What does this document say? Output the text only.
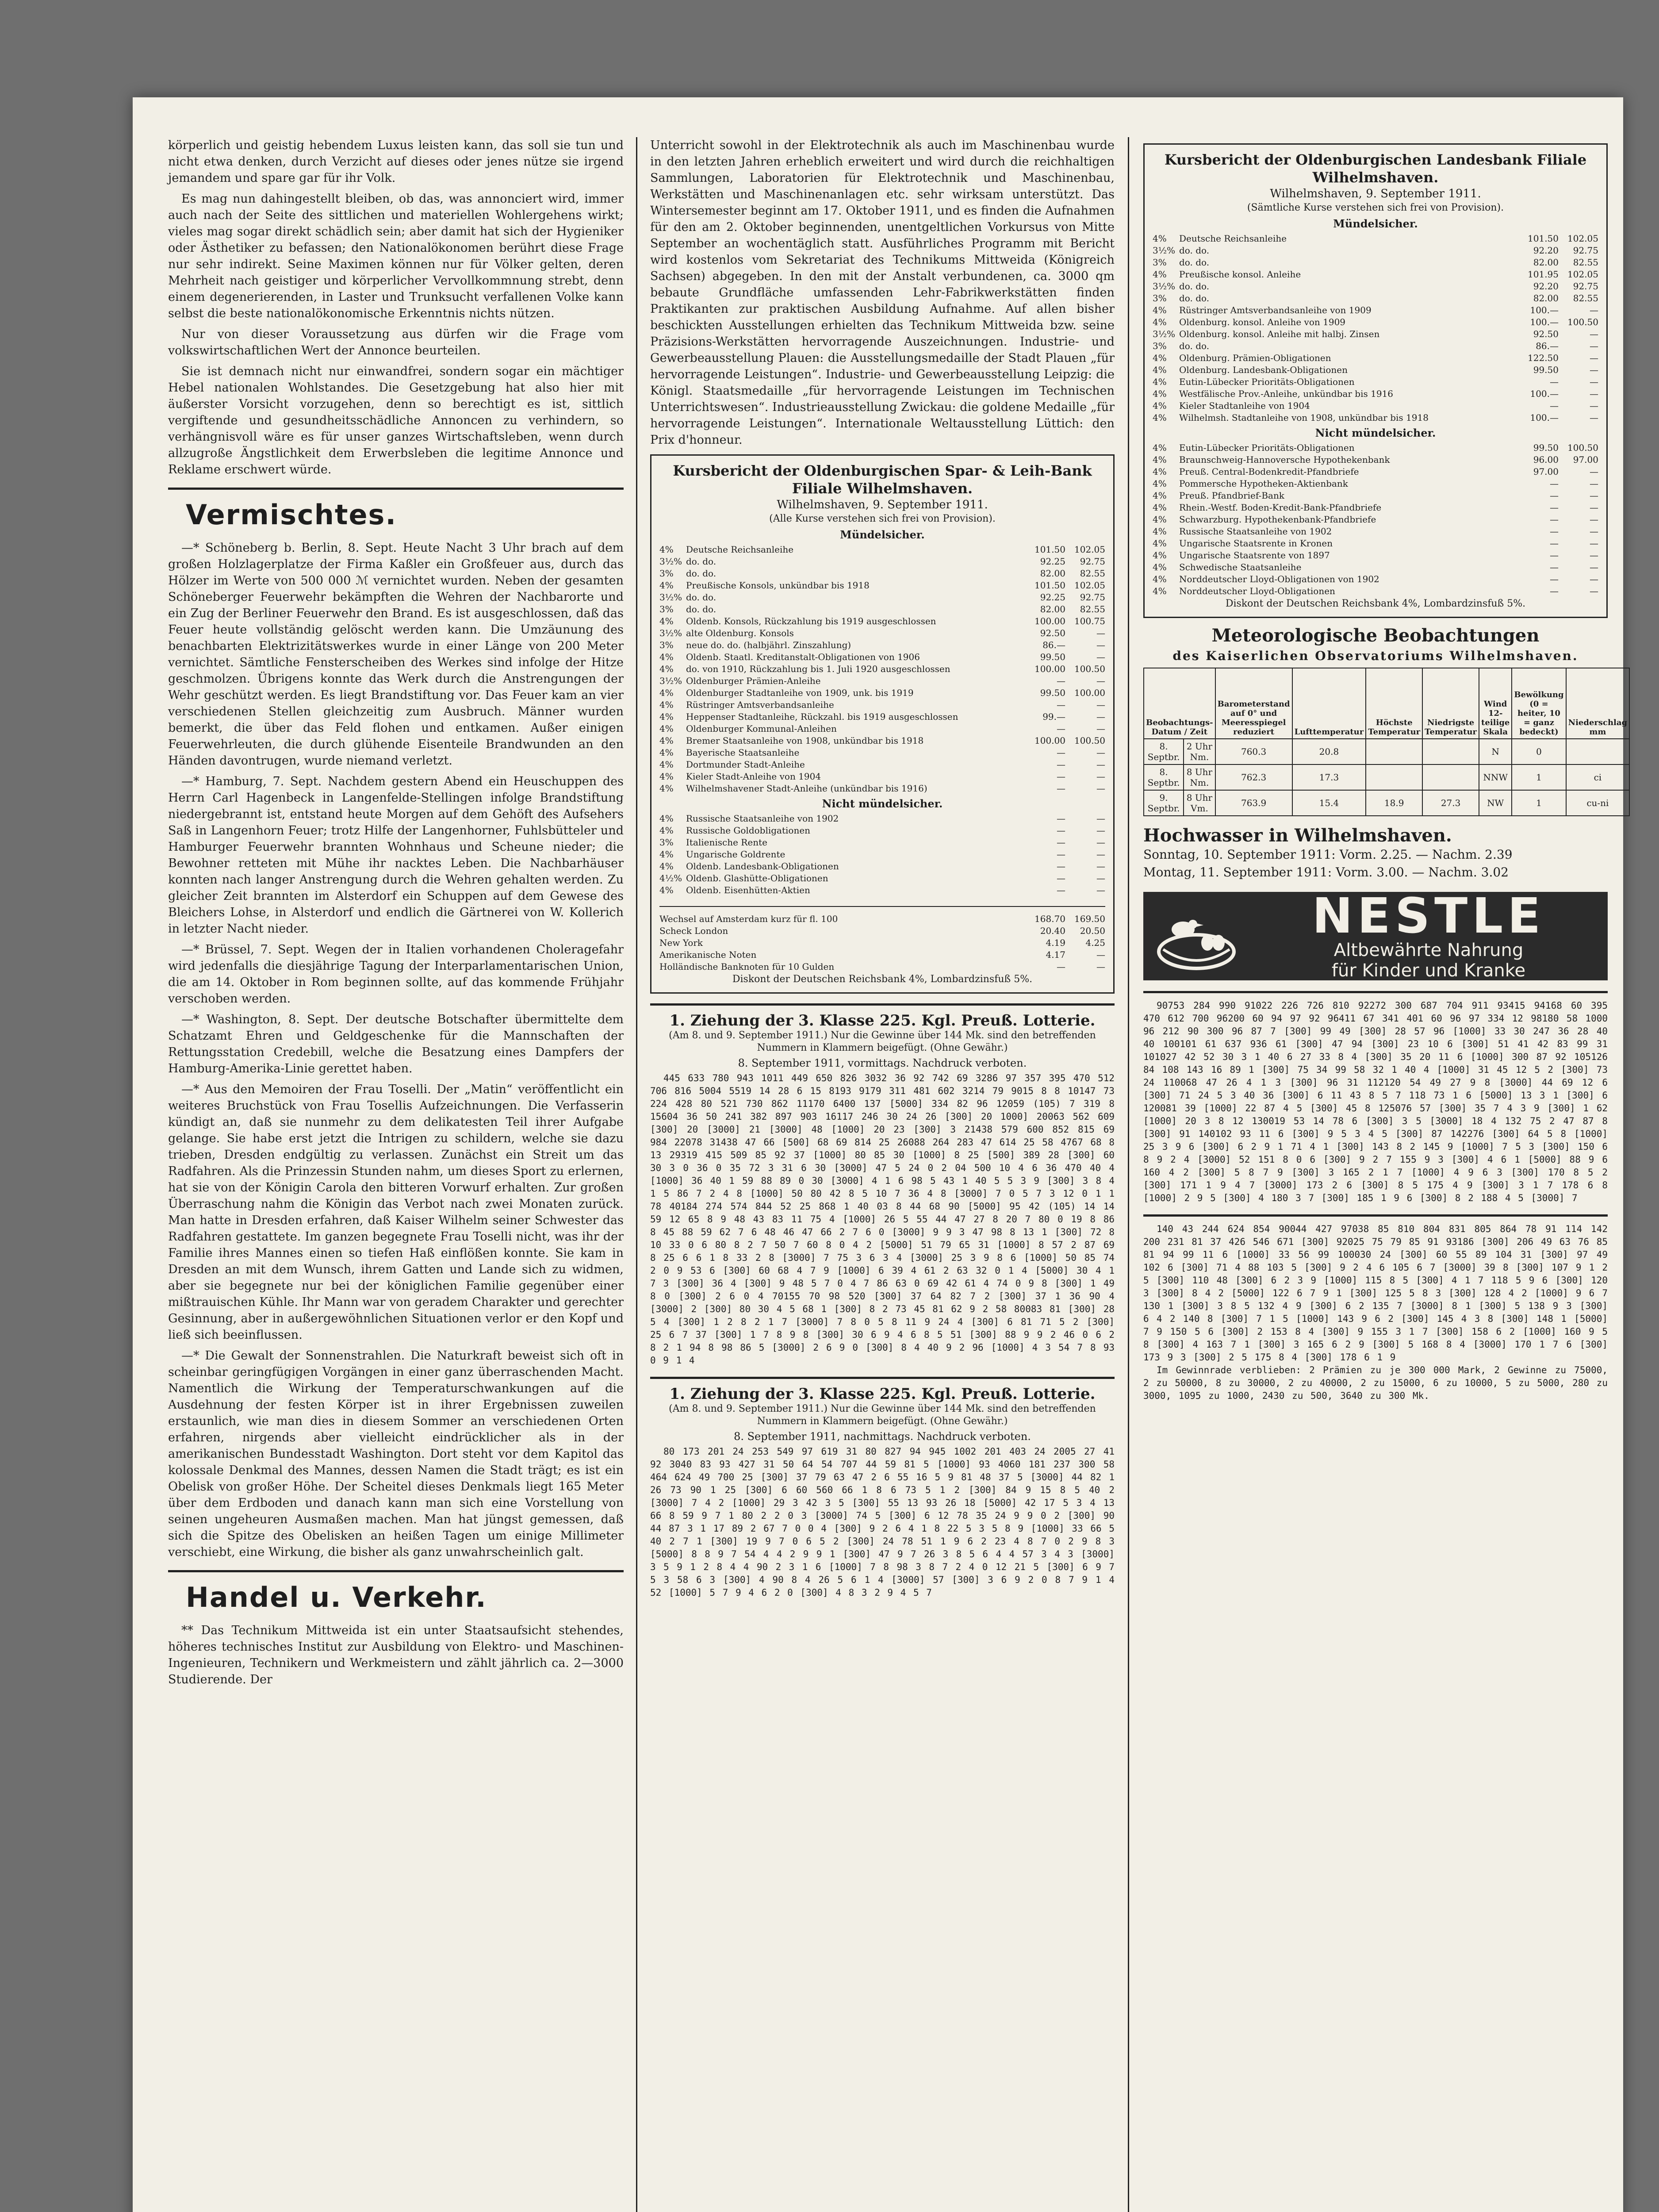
körperlich und geistig hebendem Luxus leisten kann, das soll sie tun und nicht etwa denken, durch Verzicht auf dieses oder jenes nütze sie irgend jemandem und spare gar für ihr Volk.

Es mag nun dahingestellt bleiben, ob das, was annonciert wird, immer auch nach der Seite des sittlichen und materiellen Wohlergehens wirkt; vieles mag sogar direkt schädlich sein; aber damit hat sich der Hygieniker oder Ästhetiker zu befassen; den Nationalökonomen berührt diese Frage nur sehr indirekt. Seine Maximen können nur für Völker gelten, deren Mehrheit nach geistiger und körperlicher Vervollkommnung strebt, denn einem degenerierenden, in Laster und Trunksucht verfallenen Volke kann selbst die beste nationalökonomische Erkenntnis nichts nützen.

Nur von dieser Voraussetzung aus dürfen wir die Frage vom volkswirtschaftlichen Wert der Annonce beurteilen.

Sie ist demnach nicht nur einwandfrei, sondern sogar ein mächtiger Hebel nationalen Wohlstandes. Die Gesetzgebung hat also hier mit äußerster Vorsicht vorzugehen, denn so berechtigt es ist, sittlich vergiftende und gesundheitsschädliche Annoncen zu verhindern, so verhängnisvoll wäre es für unser ganzes Wirtschaftsleben, wenn durch allzugroße Ängstlichkeit dem Erwerbsleben die legitime Annonce und Reklame erschwert würde.

Vermischtes.

—* Schöneberg b. Berlin, 8. Sept. Heute Nacht 3 Uhr brach auf dem großen Holzlagerplatze der Firma Kaßler ein Großfeuer aus, durch das Hölzer im Werte von 500 000 ℳ vernichtet wurden. Neben der gesamten Schöneberger Feuerwehr bekämpften die Wehren der Nachbarorte und ein Zug der Berliner Feuerwehr den Brand. Es ist ausgeschlossen, daß das Feuer heute vollständig gelöscht werden kann. Die Umzäunung des benachbarten Elektrizitätswerkes wurde in einer Länge von 200 Meter vernichtet. Sämtliche Fensterscheiben des Werkes sind infolge der Hitze geschmolzen. Übrigens konnte das Werk durch die Anstrengungen der Wehr geschützt werden. Es liegt Brandstiftung vor. Das Feuer kam an vier verschiedenen Stellen gleichzeitig zum Ausbruch. Männer wurden bemerkt, die über das Feld flohen und entkamen. Außer einigen Feuerwehrleuten, die durch glühende Eisenteile Brandwunden an den Händen davontrugen, wurde niemand verletzt.

—* Hamburg, 7. Sept. Nachdem gestern Abend ein Heuschuppen des Herrn Carl Hagenbeck in Langenfelde-Stellingen infolge Brandstiftung niedergebrannt ist, entstand heute Morgen auf dem Gehöft des Aufsehers Saß in Langenhorn Feuer; trotz Hilfe der Langenhorner, Fuhlsbütteler und Hamburger Feuerwehr brannten Wohnhaus und Scheune nieder; die Bewohner retteten mit Mühe ihr nacktes Leben. Die Nachbarhäuser konnten nach langer Anstrengung durch die Wehren gehalten werden. Zu gleicher Zeit brannten im Alsterdorf ein Schuppen auf dem Gewese des Bleichers Lohse, in Alsterdorf und endlich die Gärtnerei von W. Kollerich in letzter Nacht nieder.

—* Brüssel, 7. Sept. Wegen der in Italien vorhandenen Choleragefahr wird jedenfalls die diesjährige Tagung der Interparlamentarischen Union, die am 14. Oktober in Rom beginnen sollte, auf das kommende Frühjahr verschoben werden.

—* Washington, 8. Sept. Der deutsche Botschafter übermittelte dem Schatzamt Ehren und Geldgeschenke für die Mannschaften der Rettungsstation Credebill, welche die Besatzung eines Dampfers der Hamburg-Amerika-Linie gerettet haben.

—* Aus den Memoiren der Frau Toselli. Der „Matin“ veröffentlicht ein weiteres Bruchstück von Frau Tosellis Aufzeichnungen. Die Verfasserin kündigt an, daß sie nunmehr zu dem delikatesten Teil ihrer Aufgabe gelange. Sie habe erst jetzt die Intrigen zu schildern, welche sie dazu trieben, Dresden endgültig zu verlassen. Zunächst ein Streit um das Radfahren. Als die Prinzessin Stunden nahm, um dieses Sport zu erlernen, hat sie von der Königin Carola den bitteren Vorwurf erhalten. Zur großen Überraschung nahm die Königin das Verbot nach zwei Monaten zurück. Man hatte in Dresden erfahren, daß Kaiser Wilhelm seiner Schwester das Radfahren gestattete. Im ganzen begegnete Frau Toselli nicht, was ihr der Familie ihres Mannes einen so tiefen Haß einflößen konnte. Sie kam in Dresden an mit dem Wunsch, ihrem Gatten und Lande sich zu widmen, aber sie begegnete nur bei der königlichen Familie gegenüber einer mißtrauischen Kühle. Ihr Mann war von geradem Charakter und gerechter Gesinnung, aber in außergewöhnlichen Situationen verlor er den Kopf und ließ sich beeinflussen.

—* Die Gewalt der Sonnenstrahlen. Die Naturkraft beweist sich oft in scheinbar geringfügigen Vorgängen in einer ganz überraschenden Macht. Namentlich die Wirkung der Temperaturschwankungen auf die Ausdehnung der festen Körper ist in ihrer Ergebnissen zuweilen erstaunlich, wie man dies in diesem Sommer an verschiedenen Orten erfahren, nirgends aber vielleicht eindrücklicher als in der amerikanischen Bundesstadt Washington. Dort steht vor dem Kapitol das kolossale Denkmal des Mannes, dessen Namen die Stadt trägt; es ist ein Obelisk von großer Höhe. Der Scheitel dieses Denkmals liegt 165 Meter über dem Erdboden und danach kann man sich eine Vorstellung von seinen ungeheuren Ausmaßen machen. Man hat jüngst gemessen, daß sich die Spitze des Obelisken an heißen Tagen um einige Millimeter verschiebt, eine Wirkung, die bisher als ganz unwahrscheinlich galt.

Handel u. Verkehr.

** Das Technikum Mittweida ist ein unter Staatsaufsicht stehendes, höheres technisches Institut zur Ausbildung von Elektro- und Maschinen-Ingenieuren, Technikern und Werkmeistern und zählt jährlich ca. 2—3000 Studierende. Der

Unterricht sowohl in der Elektrotechnik als auch im Maschinenbau wurde in den letzten Jahren erheblich erweitert und wird durch die reichhaltigen Sammlungen, Laboratorien für Elektrotechnik und Maschinenbau, Werkstätten und Maschinenanlagen etc. sehr wirksam unterstützt. Das Wintersemester beginnt am 17. Oktober 1911, und es finden die Aufnahmen für den am 2. Oktober beginnenden, unentgeltlichen Vorkursus von Mitte September an wochentäglich statt. Ausführliches Programm mit Bericht wird kostenlos vom Sekretariat des Technikums Mittweida (Königreich Sachsen) abgegeben. In den mit der Anstalt verbundenen, ca. 3000 qm bebaute Grundfläche umfassenden Lehr-Fabrikwerkstätten finden Praktikanten zur praktischen Ausbildung Aufnahme. Auf allen bisher beschickten Ausstellungen erhielten das Technikum Mittweida bzw. seine Präzisions-Werkstätten hervorragende Auszeichnungen. Industrie- und Gewerbeausstellung Plauen: die Ausstellungsmedaille der Stadt Plauen „für hervorragende Leistungen“. Industrie- und Gewerbeausstellung Leipzig: die Königl. Staatsmedaille „für hervorragende Leistungen im Technischen Unterrichtswesen“. Industrieausstellung Zwickau: die goldene Medaille „für hervorragende Leistungen“. Internationale Weltausstellung Lüttich: den Prix d'honneur.

Kursbericht der Oldenburgischen Spar- & Leih-Bank Filiale Wilhelmshaven.
Wilhelmshaven, 9. September 1911.
(Alle Kurse verstehen sich frei von Provision).
Mündelsicher.
4%	Deutsche Reichsanleihe	101.50	102.05
3½% do. do.	92.25	92.75
3%	do. do.	82.00	82.55
4%	Preußische Konsols, unkündbar bis 1918	101.50	102.05
3½% do. do.	92.25	92.75
3%	do. do.	82.00	82.55
4%	Oldenb. Konsols, Rückzahlung bis 1919 ausgeschlossen	100.00	100.75
3½% alte Oldenburg. Konsols	92.50	—
3%	neue do. do. (halbjährl. Zinszahlung)	86.—	—
4%	Oldenb. Staatl. Kreditanstalt-Obligationen von 1906	99.50	—
4%	do. von 1910, Rückzahlung bis 1. Juli 1920 ausgeschlossen	100.00	100.50
3½% Oldenburger Prämien-Anleihe	—	—
4%	Oldenburger Stadtanleihe von 1909, unk. bis 1919	99.50	100.00
4%	Rüstringer Amtsverbandsanleihe	—	—
4%	Heppenser Stadtanleihe, Rückzahl. bis 1919 ausgeschlossen	99.—	—
4%	Oldenburger Kommunal-Anleihen	—	—
4%	Bremer Staatsanleihe von 1908, unkündbar bis 1918	100.00	100.50
4%	Bayerische Staatsanleihe	—	—
4%	Dortmunder Stadt-Anleihe	—	—
4%	Kieler Stadt-Anleihe von 1904	—	—
4%	Wilhelmshavener Stadt-Anleihe (unkündbar bis 1916)	—	—
Nicht mündelsicher.
4%	Russische Staatsanleihe von 1902	—	—
4%	Russische Goldobligationen	—	—
3%	Italienische Rente	—	—
4%	Ungarische Goldrente	—	—
4%	Oldenb. Landesbank-Obligationen	—	—
4½% Oldenb. Glashütte-Obligationen	—	—
4%	Oldenb. Eisenhütten-Aktien	—	—
Wechsel auf Amsterdam kurz für fl. 100	168.70	169.50
Scheck London	20.40	20.50
New York	4.19	4.25
Amerikanische Noten	4.17	—
Holländische Banknoten für 10 Gulden	—	—
Diskont der Deutschen Reichsbank 4%, Lombardzinsfuß 5%.
1. Ziehung der 3. Klasse 225. Kgl. Preuß. Lotterie.
(Am 8. und 9. September 1911.) Nur die Gewinne über 144 Mk. sind den betreffenden Nummern in Klammern beigefügt. (Ohne Gewähr.)
8. September 1911, vormittags. Nachdruck verboten.

445 633 780 943 1011 449 650 826 3032 36 92 742 69 3286 97 357 395 470 512 706 816 5004 5519 14 28 6 15 8193 9179 311 481 602 3214 79 9015 8 8 10147 73 224 428 80 521 730 862 11170 6400 137 [5000] 334 82 96 12059 (105) 7 319 8 15604 36 50 241 382 897 903 16117 246 30 24 26 [300] 20 1000] 20063 562 609 [300] 20 [3000] 21 [3000] 48 [1000] 20 23 [300] 3 21438 579 600 852 815 69 984 22078 31438 47 66 [500] 68 69 814 25 26088 264 283 47 614 25 58 4767 68 8 13 29319 415 509 85 92 37 [1000] 80 85 30 [1000] 8 25 [500] 389 28 [300] 60 30 3 0 36 0 35 72 3 31 6 30 [3000] 47 5 24 0 2 04 500 10 4 6 36 470 40 4 [1000] 36 40 1 59 88 89 0 30 [3000] 4 1 6 98 5 43 1 40 5 5 3 9 [300] 3 8 4 1 5 86 7 2 4 8 [1000] 50 80 42 8 5 10 7 36 4 8 [3000] 7 0 5 7 3 12 0 1 1 78 40184 274 574 844 52 25 868 1 40 03 8 44 68 90 [5000] 95 42 (105) 14 14 59 12 65 8 9 48 43 83 11 75 4 [1000] 26 5 55 44 47 27 8 20 7 80 0 19 8 86 8 45 88 59 62 7 6 48 46 47 66 2 7 6 0 [3000] 9 9 3 47 98 8 13 1 [300] 72 8 10 33 0 6 80 8 2 7 50 7 60 8 0 4 2 [5000] 51 79 65 31 [1000] 8 57 2 87 69 8 25 6 6 1 8 33 2 8 [3000] 7 75 3 6 3 4 [3000] 25 3 9 8 6 [1000] 50 85 74 2 0 9 53 6 [300] 60 68 4 7 9 [1000] 6 39 4 61 2 63 32 0 1 4 [5000] 30 4 1 7 3 [300] 36 4 [300] 9 48 5 7 0 4 7 86 63 0 69 42 61 4 74 0 9 8 [300] 1 49 8 0 [300] 2 6 0 4 70155 70 98 520 [300] 37 64 82 7 2 [300] 37 1 36 90 4 [3000] 2 [300] 80 30 4 5 68 1 [300] 8 2 73 45 81 62 9 2 58 80083 81 [300] 28 5 4 [300] 1 2 8 2 1 7 [3000] 7 8 0 5 8 11 9 24 4 [300] 6 81 71 5 2 [300] 25 6 7 37 [300] 1 7 8 9 8 [300] 30 6 9 4 6 8 5 51 [300] 88 9 9 2 46 0 6 2 8 2 1 94 8 98 86 5 [3000] 2 6 9 0 [300] 8 4 40 9 2 96 [1000] 4 3 54 7 8 93 0 9 1 4

1. Ziehung der 3. Klasse 225. Kgl. Preuß. Lotterie.
(Am 8. und 9. September 1911.) Nur die Gewinne über 144 Mk. sind den betreffenden Nummern in Klammern beigefügt. (Ohne Gewähr.)
8. September 1911, nachmittags. Nachdruck verboten.

80 173 201 24 253 549 97 619 31 80 827 94 945 1002 201 403 24 2005 27 41 92 3040 83 93 427 31 50 64 54 707 44 59 81 5 [1000] 93 4060 181 237 300 58 464 624 49 700 25 [300] 37 79 63 47 2 6 55 16 5 9 81 48 37 5 [3000] 44 82 1 26 73 90 1 25 [300] 6 60 560 66 1 8 6 73 5 1 2 [300] 84 9 15 8 5 40 2 [3000] 7 4 2 [1000] 29 3 42 3 5 [300] 55 13 93 26 18 [5000] 42 17 5 3 4 13 66 8 59 9 7 1 80 2 2 0 3 [3000] 74 5 [300] 6 12 78 35 24 9 9 0 2 [300] 90 44 87 3 1 17 89 2 67 7 0 0 4 [300] 9 2 6 4 1 8 22 5 3 5 8 9 [1000] 33 66 5 40 2 7 1 [300] 19 9 7 0 6 5 2 [300] 24 78 51 1 9 6 2 23 4 8 7 0 2 9 8 3 [5000] 8 8 9 7 54 4 4 2 9 9 1 [300] 47 9 7 26 3 8 5 6 4 4 57 3 4 3 [3000] 3 5 9 1 2 8 4 4 90 2 3 1 6 [1000] 7 8 98 3 8 7 2 4 0 12 21 5 [300] 6 9 7 5 3 58 6 3 [300] 4 90 8 4 26 5 6 1 4 [3000] 57 [300] 3 6 9 2 0 8 7 9 1 4 52 [1000] 5 7 9 4 6 2 0 [300] 4 8 3 2 9 4 5 7

Kursbericht der Oldenburgischen Landesbank Filiale Wilhelmshaven.
Wilhelmshaven, 9. September 1911.
(Sämtliche Kurse verstehen sich frei von Provision).
Mündelsicher.
4%	Deutsche Reichsanleihe	101.50	102.05
3½% do. do.	92.20	92.75
3%	do. do.	82.00	82.55
4%	Preußische konsol. Anleihe	101.95	102.05
3½% do. do.	92.20	92.75
3%	do. do.	82.00	82.55
4%	Rüstringer Amtsverbandsanleihe von 1909	100.—	—
4%	Oldenburg. konsol. Anleihe von 1909	100.—	100.50
3½% Oldenburg. konsol. Anleihe mit halbj. Zinsen	92.50	—
3%	do. do.	86.—	—
4%	Oldenburg. Prämien-Obligationen	122.50	—
4%	Oldenburg. Landesbank-Obligationen	99.50	—
4%	Eutin-Lübecker Prioritäts-Obligationen	—	—
4%	Westfälische Prov.-Anleihe, unkündbar bis 1916	100.—	—
4%	Kieler Stadtanleihe von 1904	—	—
4%	Wilhelmsh. Stadtanleihe von 1908, unkündbar bis 1918	100.—	—
Nicht mündelsicher.
4%	Eutin-Lübecker Prioritäts-Obligationen	99.50	100.50
4%	Braunschweig-Hannoversche Hypothekenbank	96.00	97.00
4%	Preuß. Central-Bodenkredit-Pfandbriefe	97.00	—
4%	Pommersche Hypotheken-Aktienbank	—	—
4%	Preuß. Pfandbrief-Bank	—	—
4%	Rhein.-Westf. Boden-Kredit-Bank-Pfandbriefe	—	—
4%	Schwarzburg. Hypothekenbank-Pfandbriefe	—	—
4%	Russische Staatsanleihe von 1902	—	—
4%	Ungarische Staatsrente in Kronen	—	—
4%	Ungarische Staatsrente von 1897	—	—
4%	Schwedische Staatsanleihe	—	—
4%	Norddeutscher Lloyd-Obligationen von 1902	—	—
4%	Norddeutscher Lloyd-Obligationen	—	—
Diskont der Deutschen Reichsbank 4%, Lombardzinsfuß 5%.
Meteorologische Beobachtungen
des Kaiserlichen Observatoriums Wilhelmshaven.
Beobachtungs-Datum / Zeit		Barometerstand auf 0° und Meeresspiegel reduziert	Lufttemperatur	Höchste Temperatur	Niedrigste Temperatur	Wind 12-teilige Skala	Bewölkung (0 = heiter, 10 = ganz bedeckt)	Niederschlag mm
8. Septbr.	2 Uhr Nm.	760.3	20.8			N	0	
8. Septbr.	8 Uhr Nm.	762.3	17.3			NNW	1	ci
9. Septbr.	8 Uhr Vm.	763.9	15.4	18.9	27.3	NW	1	cu-ni
Hochwasser in Wilhelmshaven.
Sonntag, 10. September 1911: Vorm. 2.25. — Nachm. 2.39
Montag, 11. September 1911: Vorm. 3.00. — Nachm. 3.02
NESTLE
Altbewährte Nahrung
für Kinder und Kranke

90753 284 990 91022 226 726 810 92272 300 687 704 911 93415 94168 60 395 470 612 700 96200 60 94 97 92 96411 67 341 401 60 96 97 334 12 98180 58 1000 96 212 90 300 96 87 7 [300] 99 49 [300] 28 57 96 [1000] 33 30 247 36 28 40 40 100101 61 637 936 61 [300] 47 94 [300] 23 10 6 [300] 51 41 42 83 99 31 101027 42 52 30 3 1 40 6 27 33 8 4 [300] 35 20 11 6 [1000] 300 87 92 105126 84 108 143 16 89 1 [300] 75 34 99 58 32 1 40 4 [1000] 31 45 12 5 2 [300] 73 24 110068 47 26 4 1 3 [300] 96 31 112120 54 49 27 9 8 [3000] 44 69 12 6 [300] 71 24 5 3 40 36 [300] 6 11 43 8 5 7 118 73 1 6 [5000] 13 3 1 [300] 6 120081 39 [1000] 22 87 4 5 [300] 45 8 125076 57 [300] 35 7 4 3 9 [300] 1 62 [1000] 20 3 8 12 130019 53 14 78 6 [300] 3 5 [3000] 18 4 132 75 2 47 87 8 [300] 91 140102 93 11 6 [300] 9 5 3 4 5 [300] 87 142276 [300] 64 5 8 [1000] 25 3 9 6 [300] 6 2 9 1 71 4 1 [300] 143 8 2 145 9 [1000] 7 5 3 [300] 150 6 8 9 2 4 [3000] 52 151 8 0 6 [300] 9 2 7 155 9 3 [300] 4 6 1 [5000] 88 9 6 160 4 2 [300] 5 8 7 9 [300] 3 165 2 1 7 [1000] 4 9 6 3 [300] 170 8 5 2 [300] 171 1 9 4 7 [3000] 173 2 6 [300] 8 5 175 4 9 [300] 3 1 7 178 6 8 [1000] 2 9 5 [300] 4 180 3 7 [300] 185 1 9 6 [300] 8 2 188 4 5 [3000] 7

140 43 244 624 854 90044 427 97038 85 810 804 831 805 864 78 91 114 142 200 231 81 37 426 546 671 [300] 92025 75 79 85 91 93186 [300] 206 49 63 76 85 81 94 99 11 6 [1000] 33 56 99 100030 24 [300] 60 55 89 104 31 [300] 97 49 102 6 [300] 71 4 88 103 5 [300] 9 2 4 6 105 6 7 [3000] 39 8 [300] 107 9 1 2 5 [300] 110 48 [300] 6 2 3 9 [1000] 115 8 5 [300] 4 1 7 118 5 9 6 [300] 120 3 [300] 8 4 2 [5000] 122 6 7 9 1 [300] 125 5 8 3 [300] 128 4 2 [1000] 9 6 7 130 1 [300] 3 8 5 132 4 9 [300] 6 2 135 7 [3000] 8 1 [300] 5 138 9 3 [300] 6 4 2 140 8 [300] 7 1 5 [1000] 143 9 6 2 [300] 145 4 3 8 [300] 148 1 [5000] 7 9 150 5 6 [300] 2 153 8 4 [300] 9 155 3 1 7 [300] 158 6 2 [1000] 160 9 5 8 [300] 4 163 7 1 [300] 3 165 6 2 9 [300] 5 168 8 4 [3000] 170 1 7 6 [300] 173 9 3 [300] 2 5 175 8 4 [300] 178 6 1 9

Im Gewinnrade verblieben: 2 Prämien zu je 300 000 Mark, 2 Gewinne zu 75000, 2 zu 50000, 8 zu 30000, 2 zu 40000, 2 zu 15000, 6 zu 10000, 5 zu 5000, 280 zu 3000, 1095 zu 1000, 2430 zu 500, 3640 zu 300 Mk.
